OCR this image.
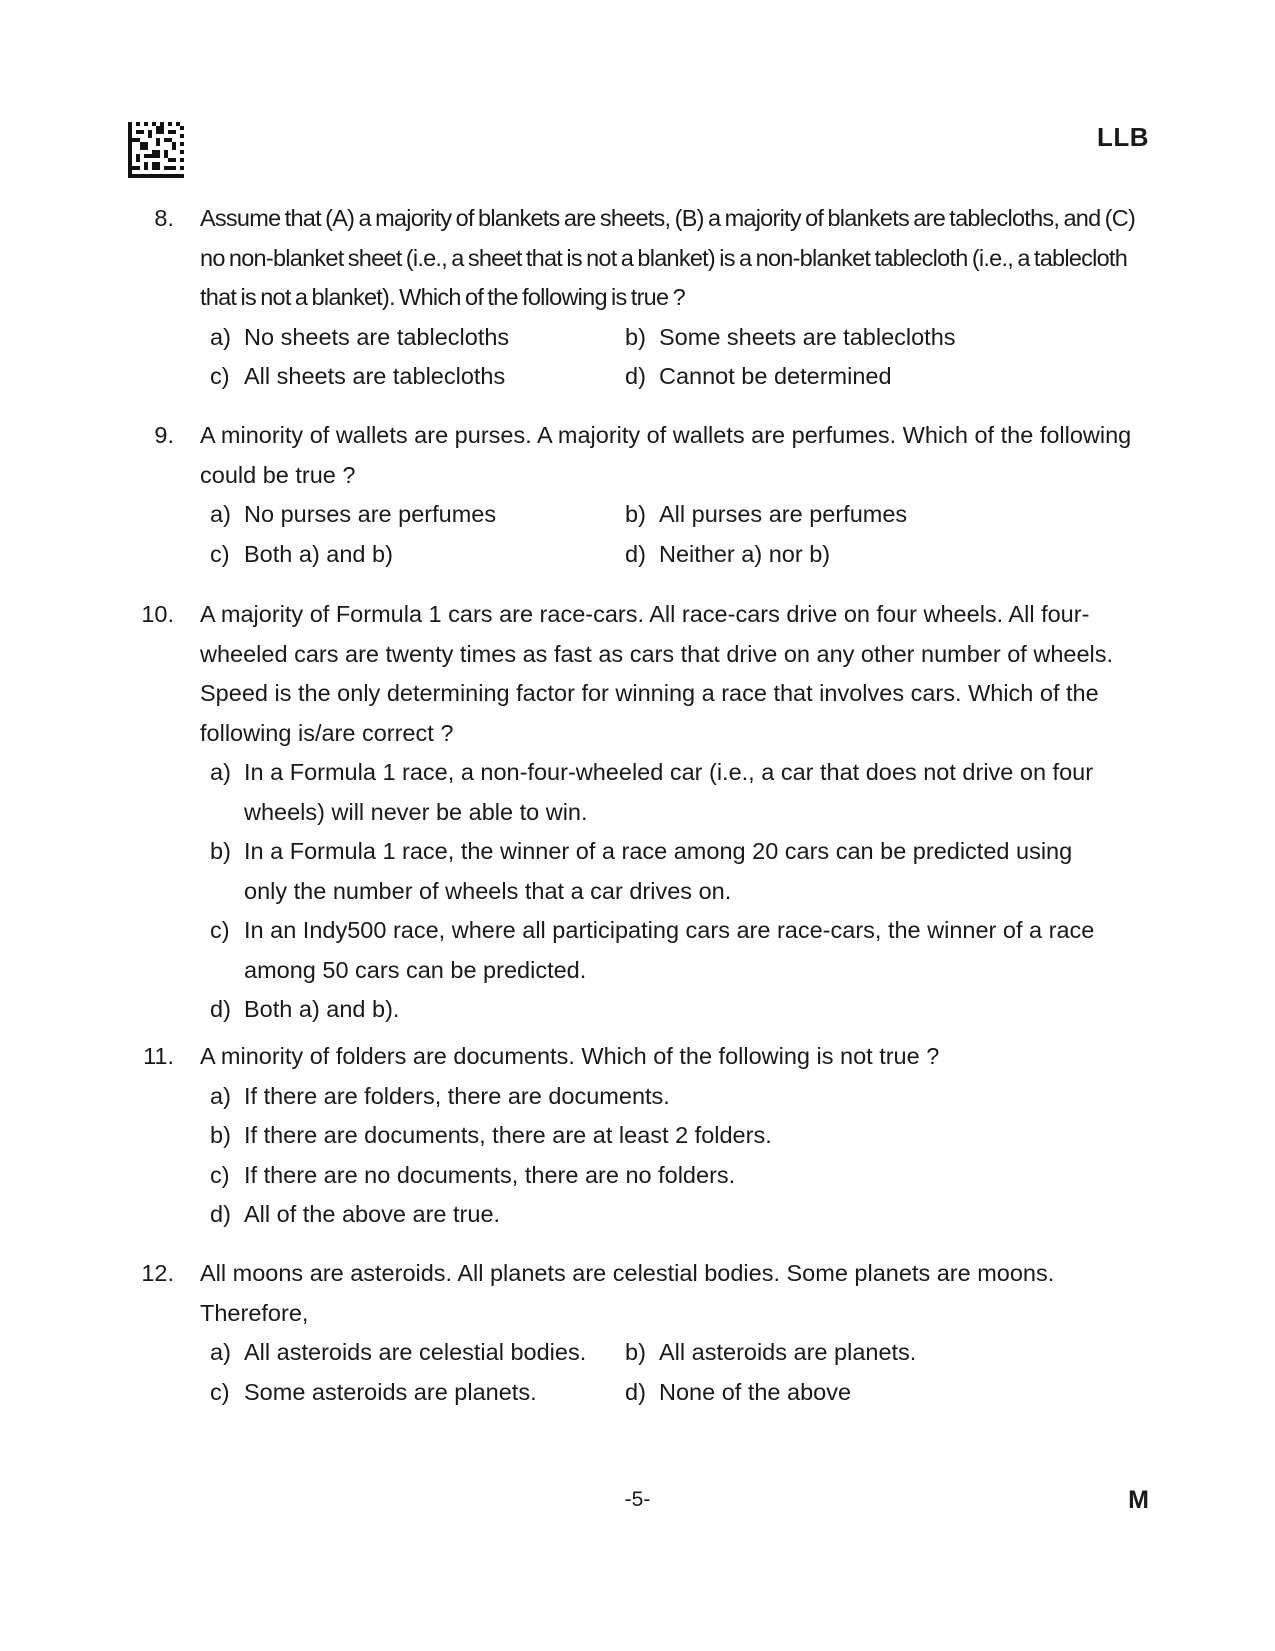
LLB
8. Assume that (A) a majority of blankets are sheets, (B) a majority of blankets are tablecloths, and (C) no non-blanket sheet (i.e., a sheet that is not a blanket) is a non-blanket tablecloth (i.e., a tablecloth that is not a blanket). Which of the following is true ?
a) No sheets are tablecloths	b) Some sheets are tablecloths
c) All sheets are tablecloths	d) Cannot be determined
9. A minority of wallets are purses. A majority of wallets are perfumes. Which of the following could be true ?
a) No purses are perfumes	b) All purses are perfumes
c) Both a) and b)	d) Neither a) nor b)
10. A majority of Formula 1 cars are race-cars. All race-cars drive on four wheels. All four-wheeled cars are twenty times as fast as cars that drive on any other number of wheels. Speed is the only determining factor for winning a race that involves cars. Which of the following is/are correct ?
a) In a Formula 1 race, a non-four-wheeled car (i.e., a car that does not drive on four wheels) will never be able to win.
b) In a Formula 1 race, the winner of a race among 20 cars can be predicted using only the number of wheels that a car drives on.
c) In an Indy500 race, where all participating cars are race-cars, the winner of a race among 50 cars can be predicted.
d) Both a) and b).
11. A minority of folders are documents. Which of the following is not true ?
a) If there are folders, there are documents.
b) If there are documents, there are at least 2 folders.
c) If there are no documents, there are no folders.
d) All of the above are true.
12. All moons are asteroids. All planets are celestial bodies. Some planets are moons. Therefore,
a) All asteroids are celestial bodies.	b) All asteroids are planets.
c) Some asteroids are planets.	d) None of the above
-5-	M
